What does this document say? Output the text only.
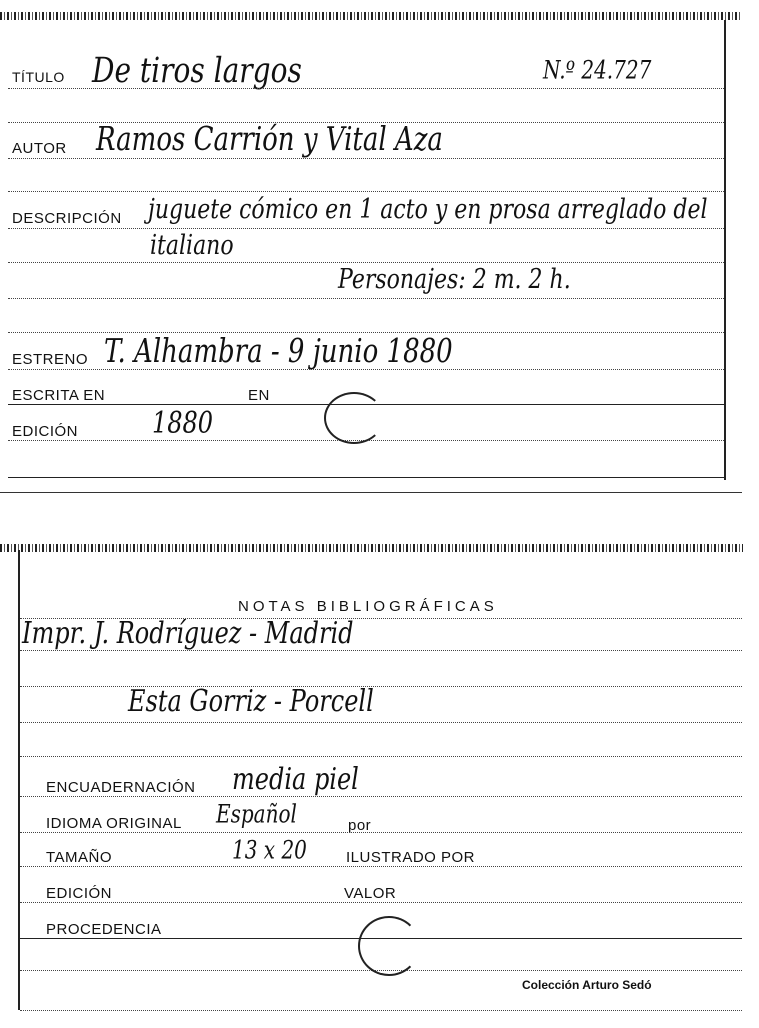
TÍTULO De tiros largos	N.º 24.727
AUTOR Ramos Carrión y Vital Aza
DESCRIPCIÓN juguete cómico en 1 acto y en prosa arreglado del
italiano
Personajes: 2 m. 2 h.
ESTRENO T. Alhambra - 9 junio 1880
ESCRITA EN	EN
EDICIÓN	1880
NOTAS BIBLIOGRÁFICAS
Impr. J. Rodríguez - Madrid
Esta Gorriz - Porcell
ENCUADERNACIÓN media piel
IDIOMA ORIGINAL Español	por
TAMAÑO	13 x 20	ILUSTRADO POR
EDICIÓN	VALOR
PROCEDENCIA
Colección Arturo Sedó
